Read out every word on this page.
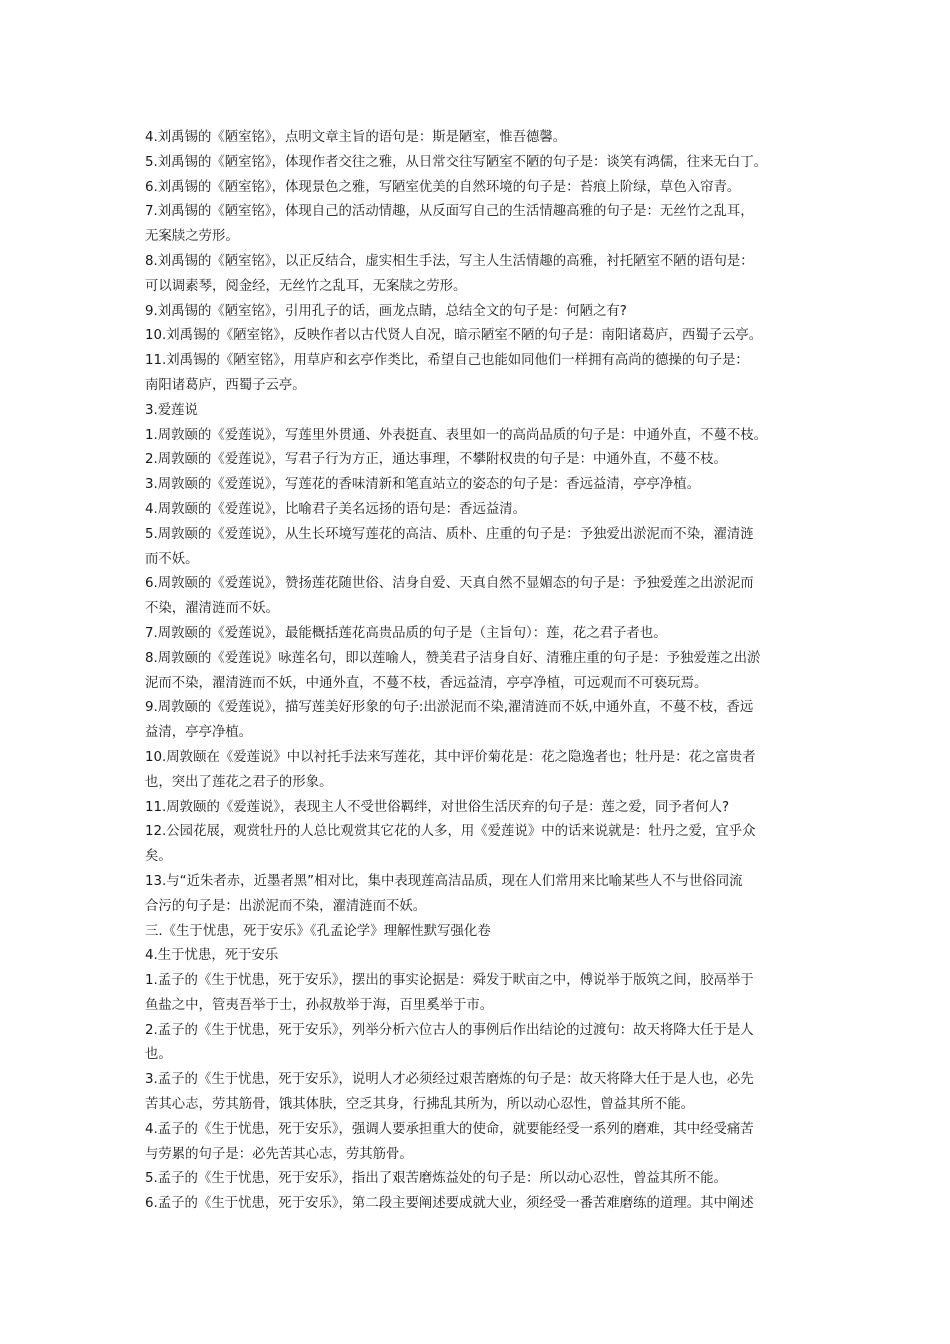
4.刘禹锡的《陋室铭》，点明文章主旨的语句是：斯是陋室，惟吾德馨。
5.刘禹锡的《陋室铭》，体现作者交往之雅，从日常交往写陋室不陋的句子是：谈笑有鸿儒，往来无白丁。
6.刘禹锡的《陋室铭》，体现景色之雅，写陋室优美的自然环境的句子是：苔痕上阶绿，草色入帘青。
7.刘禹锡的《陋室铭》，体现自己的活动情趣，从反面写自己的生活情趣高雅的句子是：无丝竹之乱耳，
无案牍之劳形。
8.刘禹锡的《陋室铭》，以正反结合，虚实相生手法，写主人生活情趣的高雅，衬托陋室不陋的语句是：
可以调素琴，阅金经，无丝竹之乱耳，无案牍之劳形。
9.刘禹锡的《陋室铭》，引用孔子的话，画龙点睛，总结全文的句子是：何陋之有?
10.刘禹锡的《陋室铭》，反映作者以古代贤人自况，暗示陋室不陋的句子是：南阳诸葛庐，西蜀子云亭。
11.刘禹锡的《陋室铭》，用草庐和玄亭作类比，希望自己也能如同他们一样拥有高尚的德操的句子是：
南阳诸葛庐，西蜀子云亭。
3.爱莲说
1.周敦颐的《爱莲说》，写莲里外贯通、外表挺直、表里如一的高尚品质的句子是：中通外直，不蔓不枝。
2.周敦颐的《爱莲说》，写君子行为方正，通达事理，不攀附权贵的句子是：中通外直，不蔓不枝。
3.周敦颐的《爱莲说》，写莲花的香味清新和笔直站立的姿态的句子是：香远益清，亭亭净植。
4.周敦颐的《爱莲说》，比喻君子美名远扬的语句是：香远益清。
5.周敦颐的《爱莲说》，从生长环境写莲花的高洁、质朴、庄重的句子是：予独爱出淤泥而不染，濯清涟
而不妖。
6.周敦颐的《爱莲说》，赞扬莲花随世俗、洁身自爱、天真自然不显媚态的句子是：予独爱莲之出淤泥而
不染，濯清涟而不妖。
7.周敦颐的《爱莲说》，最能概括莲花高贵品质的句子是（主旨句）：莲，花之君子者也。
8.周敦颐的《爱莲说》咏莲名句，即以莲喻人，赞美君子洁身自好、清雅庄重的句子是：予独爱莲之出淤
泥而不染，濯清涟而不妖，中通外直，不蔓不枝，香远益清，亭亭净植，可远观而不可亵玩焉。
9.周敦颐的《爱莲说》，描写莲美好形象的句子:出淤泥而不染,濯清涟而不妖,中通外直，不蔓不枝，香远
益清，亭亭净植。
10.周敦颐在《爱莲说》中以衬托手法来写莲花，其中评价菊花是：花之隐逸者也；牡丹是：花之富贵者
也，突出了莲花之君子的形象。
11.周敦颐的《爱莲说》，表现主人不受世俗羁绊，对世俗生活厌弃的句子是：莲之爱，同予者何人?
12.公园花展，观赏牡丹的人总比观赏其它花的人多，用《爱莲说》中的话来说就是：牡丹之爱，宜乎众
矣。
13.与“近朱者赤，近墨者黑”相对比，集中表现莲高洁品质，现在人们常用来比喻某些人不与世俗同流
合污的句子是：出淤泥而不染，濯清涟而不妖。
三.《生于忧患，死于安乐》《孔孟论学》理解性默写强化卷
4.生于忧患，死于安乐
1.孟子的《生于忧患，死于安乐》，摆出的事实论据是：舜发于畎亩之中，傅说举于版筑之间，胶鬲举于
鱼盐之中，管夷吾举于士，孙叔敖举于海，百里奚举于市。
2.孟子的《生于忧患，死于安乐》，列举分析六位古人的事例后作出结论的过渡句：故天将降大任于是人
也。
3.孟子的《生于忧患，死于安乐》，说明人才必须经过艰苦磨炼的句子是：故天将降大任于是人也，必先
苦其心志，劳其筋骨，饿其体肤，空乏其身，行拂乱其所为，所以动心忍性，曾益其所不能。
4.孟子的《生于忧患，死于安乐》，强调人要承担重大的使命，就要能经受一系列的磨难，其中经受痛苦
与劳累的句子是：必先苦其心志，劳其筋骨。
5.孟子的《生于忧患，死于安乐》，指出了艰苦磨炼益处的句子是：所以动心忍性，曾益其所不能。
6.孟子的《生于忧患，死于安乐》，第二段主要阐述要成就大业，须经受一番苦难磨练的道理。其中阐述
